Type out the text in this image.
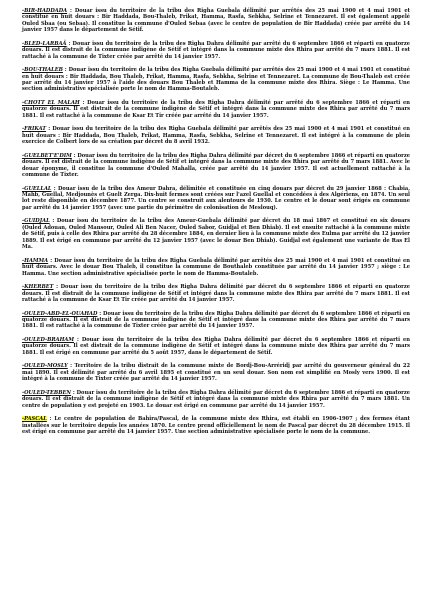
-BIR-HADDADA : Douar issu du territoire de la tribu des Righa Guebala délimité par arrêtés des 25 mai 1900 et 4 mai 1901 et constitué en huit douars : Bir Haddada, Bou-Thaleb, Frikat, Hamma, Rasfa, Sebkha, Selrine et Tennezaret. Il est également appelé Ouled Sbaa (ou Sebaa). Il constitue la commune d'Ouled Sebaa (avec le centre de population de Bir Haddada) créée par arrêté du 14 janvier 1957 dans le département de Sétif.

-BLED-LARBAÂ : Douar issu du territoire de la tribu des Righa Dahra délimité par arrêté du 6 septembre 1866 et réparti en quatorze douars. Il est distrait de la commune indigène de Sétif et intégré dans la commune mixte des Rhira par arrêté du 7 mars 1881. Il est rattaché à la commune de Tixter créée par arrêté du 14 janvier 1957.

-BOU-THALEB : Douar issu du territoire de la tribu des Righa Guebala délimité par arrêtés des 25 mai 1900 et 4 mai 1901 et constitué en huit douars : Bir Haddada, Bou Thaleb, Frikat, Hamma, Rasfa, Sebkha, Selrine et Tennezaret. La commune de Bou-Thaleb est créée par arrêté du 14 janvier 1957 à l'aide des douars Bou Thaleb et Hamma de la commune mixte des Rhira. Siège : Le Hamma. Une section administrative spécialisée porte le nom de Hamma-Boutaleb.

-CHOTT EL MALAH : Douar issu du territoire de la tribu des Righa Dahra délimité par arrêté du 6 septembre 1866 et réparti en quatorze douars. Il est distrait de la commune indigène de Sétif et intégré dans la commune mixte des Rhira par arrêté du 7 mars 1881. Il est rattaché à la commune de Ksar Et Tir créée par arrêté du 14 janvier 1957.

-FRIKAT : Douar issu du territoire de la tribu des Righa Guebala délimité par arrêtés des 25 mai 1900 et 4 mai 1901 et constitué en huit douars : Bir Haddada, Bou Thaleb, Frikat, Hamma, Rasfa, Sebkha, Selrine et Tennezaret. Il est intégré à la commune de plein exercice de Colbert lors de sa création par décret du 8 avril 1932.

-GUELBET'E'DIM : Douar issu du territoire de la tribu des Righa Dahra délimité par décret du 6 septembre 1866 et réparti en quatorze douars. Il est distrait de la commune indigène de Sétif et intégré dans la commune mixte des Rhira par arrêté du 7 mars 1881. Avec le douar éponyme, il constitue la commune d'Ouled Mahalla, créée par arrêté du 14 janvier 1957. Il est actuellement rattaché à la commune de Tixter.

-GUELLAL : Douar issu de la tribu des Ameur Dahra, délimitée et constituée en cinq douars par décret du 29 janvier 1868 : Chabia, Mahb, Guellal, Medjounès et Guelt Zerga. Dix-huit fermes sont créées sur l'azel Guellal et concédées à des Algériens, en 1874. Un seul lot reste disponible en décembre 1877. Un centre se construit aux alentours de 1930. Le centre et le douar sont érigés en commune par arrêté du 14 janvier 1957 (avec une partie du périmètre de colonisation de Meslouq).

-GUIDJAL : Douar issu du territoire de la tribu des Ameur-Guebala délimité par décret du 18 mai 1867 et constitué en six douars (Ouled Adouan, Ouled Mansour, Ouled Ali Ben Nacer, Ouled Sabor, Guidjal et Ben Dhiab). Il est ensuite rattaché à la commune mixte de Sétif, puis à celle des Rhira par arrêté du 28 décembre 1884, en dernier lieu à la commune mixte des Eulma par arrêté du 12 janvier 1889. Il est érigé en commune par arrêté du 12 janvier 1957 (avec le douar Ben Dhiab). Guidjal est également une variante de Ras El Ma.

-HAMMA : Douar issu du territoire de la tribu des Righa Guebala délimité par arrêtés des 25 mai 1900 et 4 mai 1901 et constitué en huit douars. Avec le douar Bou Thaleb, il constitue la commune de Bouthaleb constituée par arrêté du 14 janvier 1957 ; siège : Le Hamma. Une section administrative spécialisée porte le nom de Hamma-Boutaleb.

-KHERBET : Douar issu du territoire de la tribu des Righa Dahra délimité par décret du 6 septembre 1866 et réparti en quatorze douars. Il est distrait de la commune indigène de Sétif et intégré dans la commune mixte des Rhira par arrêté du 7 mars 1881. Il est rattaché à la commune de Ksar Et Tir créée par arrêté du 14 janvier 1957.

-OULED-ABD-EL-OUAHAD : Douar issu du territoire de la tribu des Righa Dahra délimité par décret du 6 septembre 1866 et réparti en quatorze douars. Il est distrait de la commune indigène de Sétif et intégré dans la commune mixte des Rhira par arrêté du 7 mars 1881. Il est rattaché à la commune de Tixter créée par arrêté du 14 janvier 1957.

-OULED-BRAHAM : Douar issu du territoire de la tribu des Righa Dahra délimité par décret du 6 septembre 1866 et réparti en quatorze douars. Il est distrait de la commune indigène de Sétif et intégré dans la commune mixte des Rhira par arrêté du 7 mars 1881. Il est érigé en commune par arrêté du 5 août 1957, dans le département de Sétif.

-OULED-MOSLY : Territoire de la tribu distrait de la commune mixte de Bordj-Bou-Arréridj par arrêté du gouverneur général du 22 mai 1890. Il est délimité par arrêté du 6 avril 1895 et constitué en un seul douar. Son nom est simplifié en Mosly vers 1900. Il est intégré à la commune de Tixter créée par arrêté du 14 janvier 1957.

-OULED-TEBBEN : Douar issu du territoire de la tribu des Righa Dahra délimité par décret du 6 septembre 1866 et réparti en quatorze douars. Il est distrait de la commune indigène de Sétif et intégré dans la commune mixte des Rhira par arrêté du 7 mars 1881. Un centre de population y est projeté en 1903. Le douar est érigé en commune par arrêté du 14 janvier 1957.

-PASCAL : Le centre de population de Bahira/Pascal, de la commune mixte des Rhira, est établi en 1906-1907 ; des fermes étant installées sur le territoire depuis les années 1870. Le centre prend officiellement le nom de Pascal par décret du 28 décembre 1915. Il est érigé en commune par arrêté du 14 janvier 1957. Une section administrative spécialisée porte le nom de la commune.
